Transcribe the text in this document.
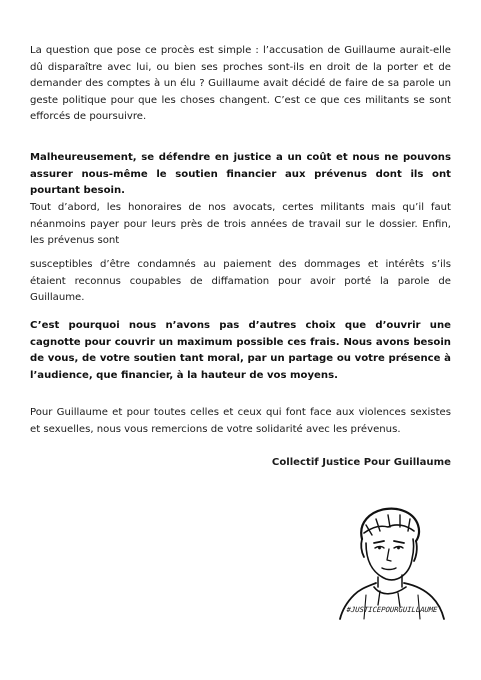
La question que pose ce procès est simple : l’accusation de Guillaume aurait-elle dû disparaître avec lui, ou bien ses proches sont-ils en droit de la porter et de demander des comptes à un élu ? Guillaume avait décidé de faire de sa parole un geste politique pour que les choses changent. C’est ce que ces militants se sont efforcés de poursuivre.

Malheureusement, se défendre en justice a un coût et nous ne pouvons assurer nous-même le soutien financier aux prévenus dont ils ont pourtant besoin.

Tout d’abord, les honoraires de nos avocats, certes militants mais qu’il faut néanmoins payer pour leurs près de trois années de travail sur le dossier. Enfin, les prévenus sont

susceptibles d’être condamnés au paiement des dommages et intérêts s’ils étaient reconnus coupables de diffamation pour avoir porté la parole de Guillaume.

C’est pourquoi nous n’avons pas d’autres choix que d’ouvrir une cagnotte pour couvrir un maximum possible ces frais. Nous avons besoin de vous, de votre soutien tant moral, par un partage ou votre présence à l’audience, que financier, à la hauteur de vos moyens.

Pour Guillaume et pour toutes celles et ceux qui font face aux violences sexistes et sexuelles, nous vous remercions de votre solidarité avec les prévenus.

Collectif Justice Pour Guillaume
#JUSTICEPOURGUILLAUME
